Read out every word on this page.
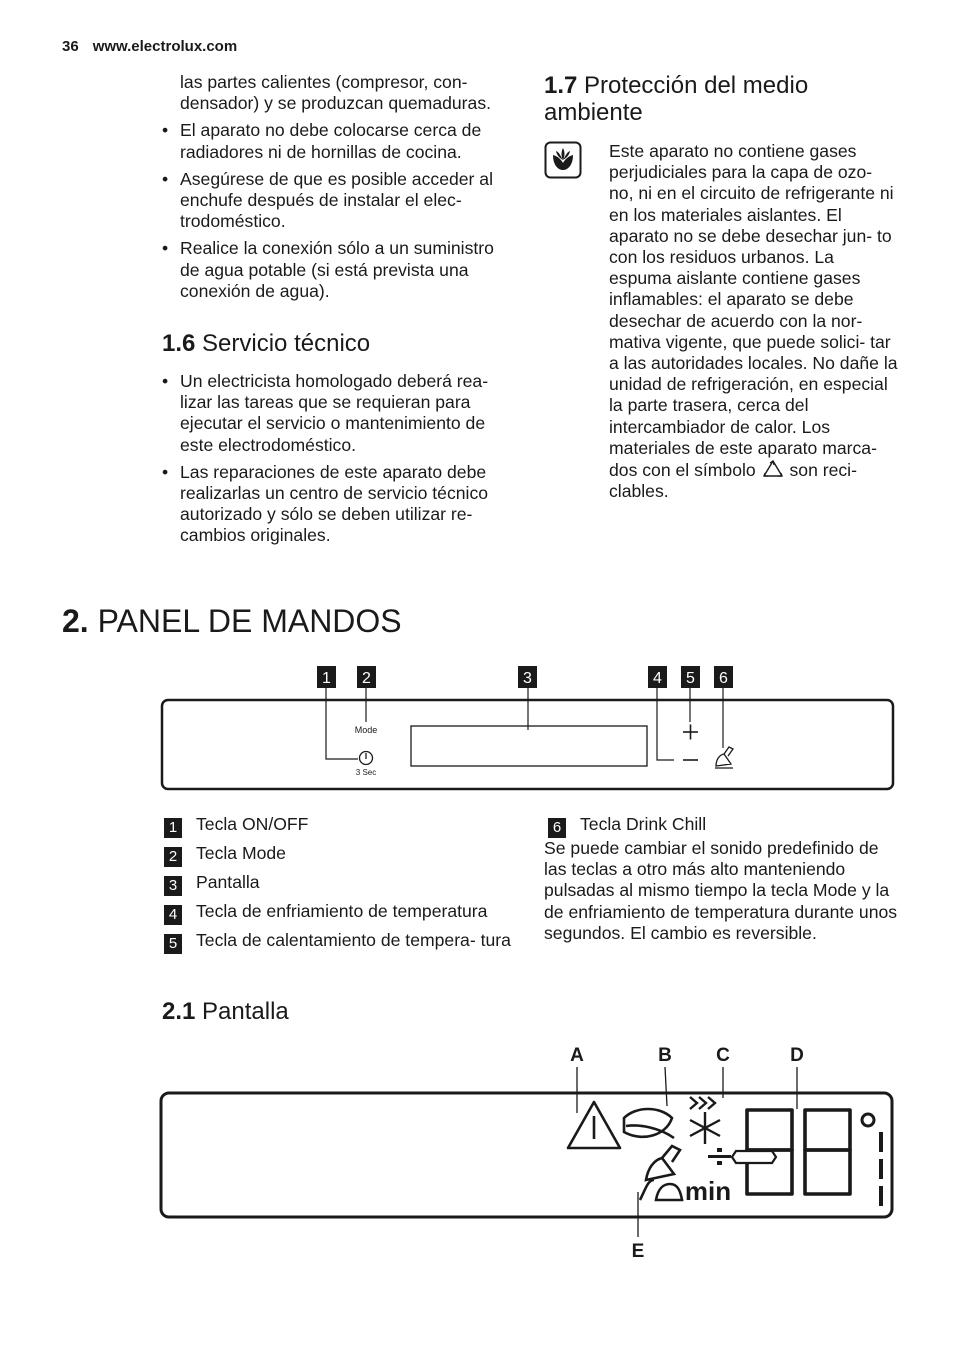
36 www.electrolux.com

las partes calientes (compresor, con- densador) y se produzcan quemaduras.

• El aparato no debe colocarse cerca de radiadores ni de hornillas de cocina.
• Asegúrese de que es posible acceder al enchufe después de instalar el elec- trodoméstico.
• Realice la conexión sólo a un suministro de agua potable (si está prevista una conexión de agua).
1.6 Servicio técnico
• Un electricista homologado deberá rea- lizar las tareas que se requieran para ejecutar el servicio o mantenimiento de este electrodoméstico.
• Las reparaciones de este aparato debe realizarlas un centro de servicio técnico autorizado y sólo se deben utilizar re- cambios originales.
1.7 Protección del medio
ambiente
Este aparato no contiene gases perjudiciales para la capa de ozo- no, ni en el circuito de refrigerante ni en los materiales aislantes. El aparato no se debe desechar jun- to con los residuos urbanos. La espuma aislante contiene gases inflamables: el aparato se debe desechar de acuerdo con la nor- mativa vigente, que puede solici- tar a las autoridades locales. No dañe la unidad de refrigeración, en especial la parte trasera, cerca del intercambiador de calor. Los materiales de este aparato marca- dos con el símbolo son reci- clables.
2. PANEL DE MANDOS
1 2	3	4 5 6
Mode
3 Sec
1 Tecla ON/OFF
2 Tecla Mode
3 Pantalla
4 Tecla de enfriamiento de temperatura
5 Tecla de calentamiento de tempera- tura
6 Tecla Drink Chill

Se puede cambiar el sonido predefinido de las teclas a otro más alto manteniendo pulsadas al mismo tiempo la tecla Mode y la de enfriamiento de temperatura durante unos segundos. El cambio es reversible.

2.1 Pantalla
A	B C	D
E
min
